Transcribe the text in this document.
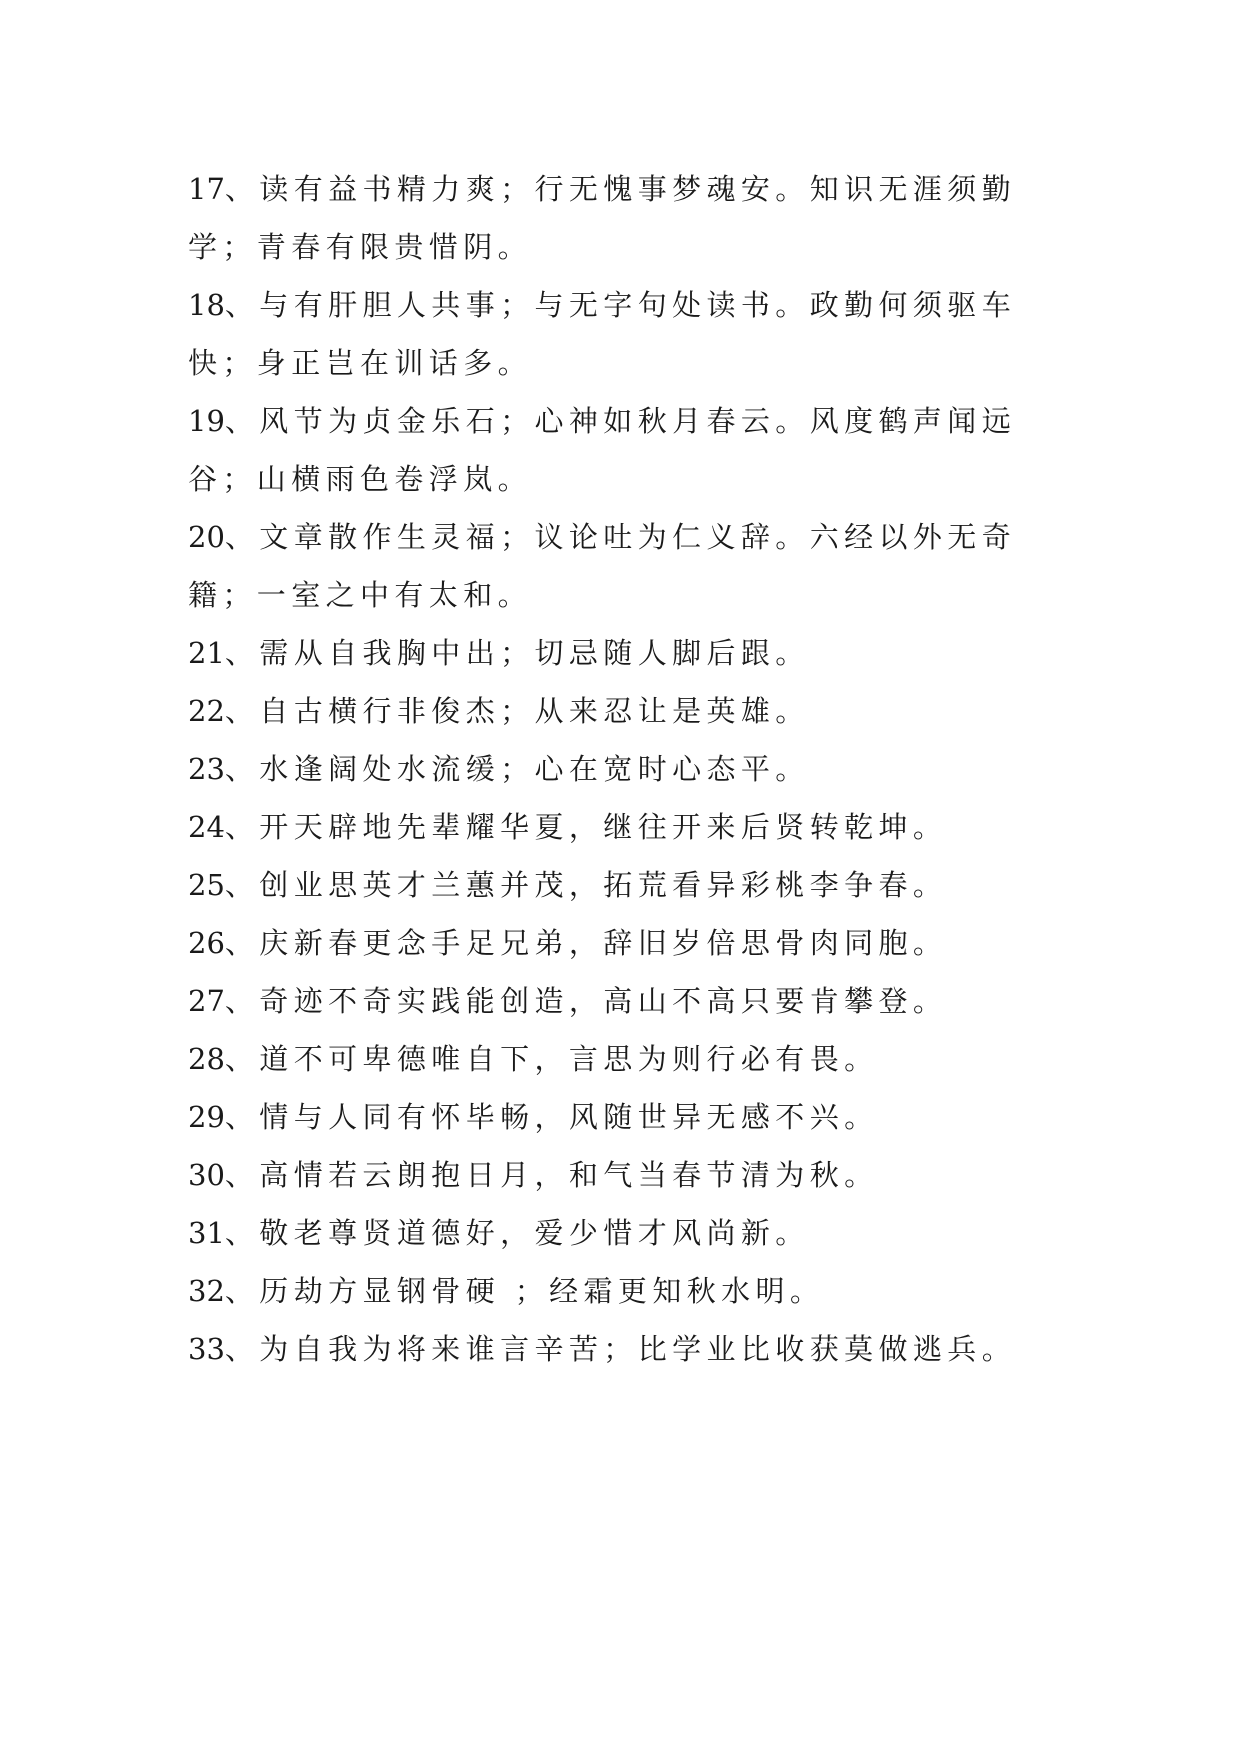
17、读有益书精力爽；行无愧事梦魂安。知识无涯须勤学；青春有限贵惜阴。

18、与有肝胆人共事；与无字句处读书。政勤何须驱车快；身正岂在训话多。

19、风节为贞金乐石；心神如秋月春云。风度鹤声闻远谷；山横雨色卷浮岚。

20、文章散作生灵福；议论吐为仁义辞。六经以外无奇籍；一室之中有太和。

21、需从自我胸中出；切忌随人脚后跟。

22、自古横行非俊杰；从来忍让是英雄。

23、水逢阔处水流缓；心在宽时心态平。

24、开天辟地先辈耀华夏，继往开来后贤转乾坤。

25、创业思英才兰蕙并茂，拓荒看异彩桃李争春。

26、庆新春更念手足兄弟，辞旧岁倍思骨肉同胞。

27、奇迹不奇实践能创造，高山不高只要肯攀登。

28、道不可卑德唯自下，言思为则行必有畏。

29、情与人同有怀毕畅，风随世异无感不兴。

30、高情若云朗抱日月，和气当春节清为秋。

31、敬老尊贤道德好，爱少惜才风尚新。

32、历劫方显钢骨硬 ；经霜更知秋水明。

33、为自我为将来谁言辛苦；比学业比收获莫做逃兵。
